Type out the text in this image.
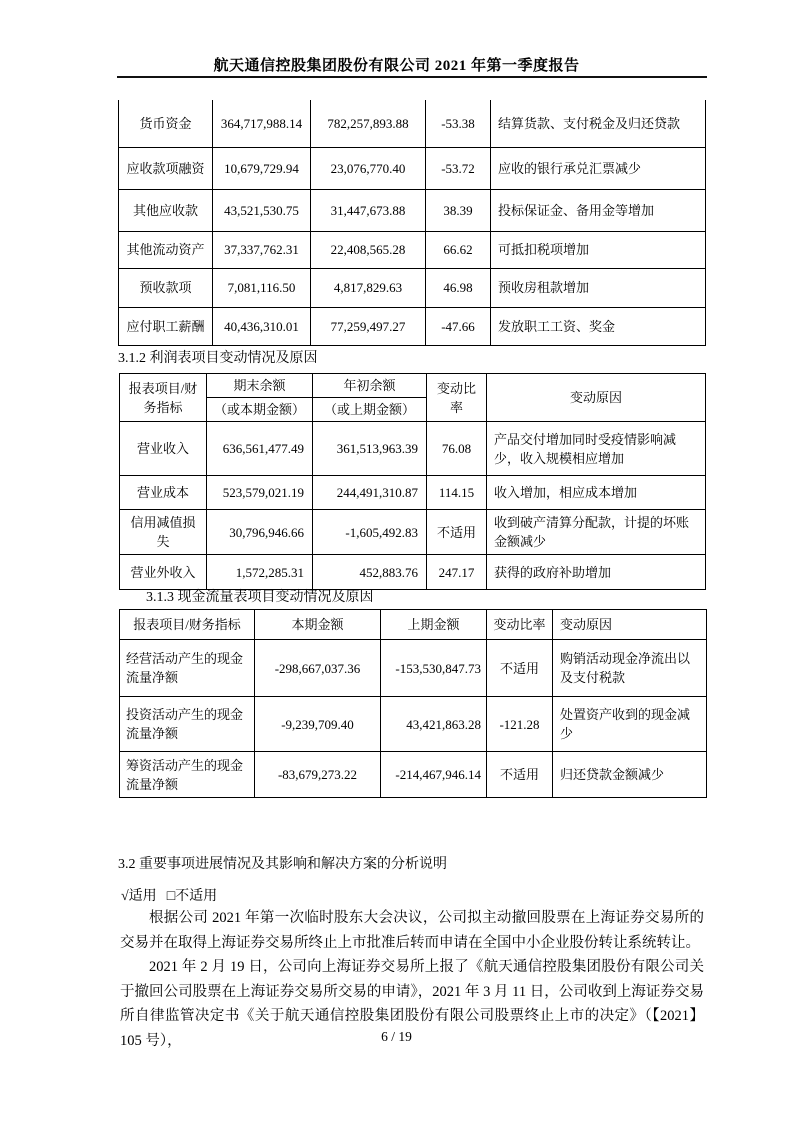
航天通信控股集团股份有限公司 2021 年第一季度报告
货币资金	364,717,988.14	782,257,893.88	-53.38	结算货款、支付税金及归还贷款
应收款项融资	10,679,729.94	23,076,770.40	-53.72	应收的银行承兑汇票减少
其他应收款	43,521,530.75	31,447,673.88	38.39	投标保证金、备用金等增加
其他流动资产	37,337,762.31	22,408,565.28	66.62	可抵扣税项增加
预收款项	7,081,116.50	4,817,829.63	46.98	预收房租款增加
应付职工薪酬	40,436,310.01	77,259,497.27	-47.66	发放职工工资、奖金
3.1.2 利润表项目变动情况及原因
报表项目/财务指标	期末余额	年初余额	变动比率	变动原因
	（或本期金额）	（或上期金额）		
营业收入	636,561,477.49	361,513,963.39	76.08	产品交付增加同时受疫情影响减少，收入规模相应增加
营业成本	523,579,021.19	244,491,310.87	114.15	收入增加，相应成本增加
信用减值损失	30,796,946.66	-1,605,492.83	不适用	收到破产清算分配款，计提的坏账金额减少
营业外收入	1,572,285.31	452,883.76	247.17	获得的政府补助增加
3.1.3 现金流量表项目变动情况及原因
报表项目/财务指标	本期金额	上期金额	变动比率	变动原因
经营活动产生的现金流量净额	-298,667,037.36	-153,530,847.73	不适用	购销活动现金净流出以及支付税款
投资活动产生的现金流量净额	-9,239,709.40	43,421,863.28	-121.28	处置资产收到的现金减少
筹资活动产生的现金流量净额	-83,679,273.22	-214,467,946.14	不适用	归还贷款金额减少
3.2 重要事项进展情况及其影响和解决方案的分析说明
√适用 □不适用

根据公司 2021 年第一次临时股东大会决议，公司拟主动撤回股票在上海证券交易所的交易并在取得上海证券交易所终止上市批准后转而申请在全国中小企业股份转让系统转让。

2021 年 2 月 19 日，公司向上海证券交易所上报了《航天通信控股集团股份有限公司关于撤回公司股票在上海证券交易所交易的申请》，2021 年 3 月 11 日，公司收到上海证券交易所自律监管决定书《关于航天通信控股集团股份有限公司股票终止上市的决定》（【2021】105 号），	6 / 19
